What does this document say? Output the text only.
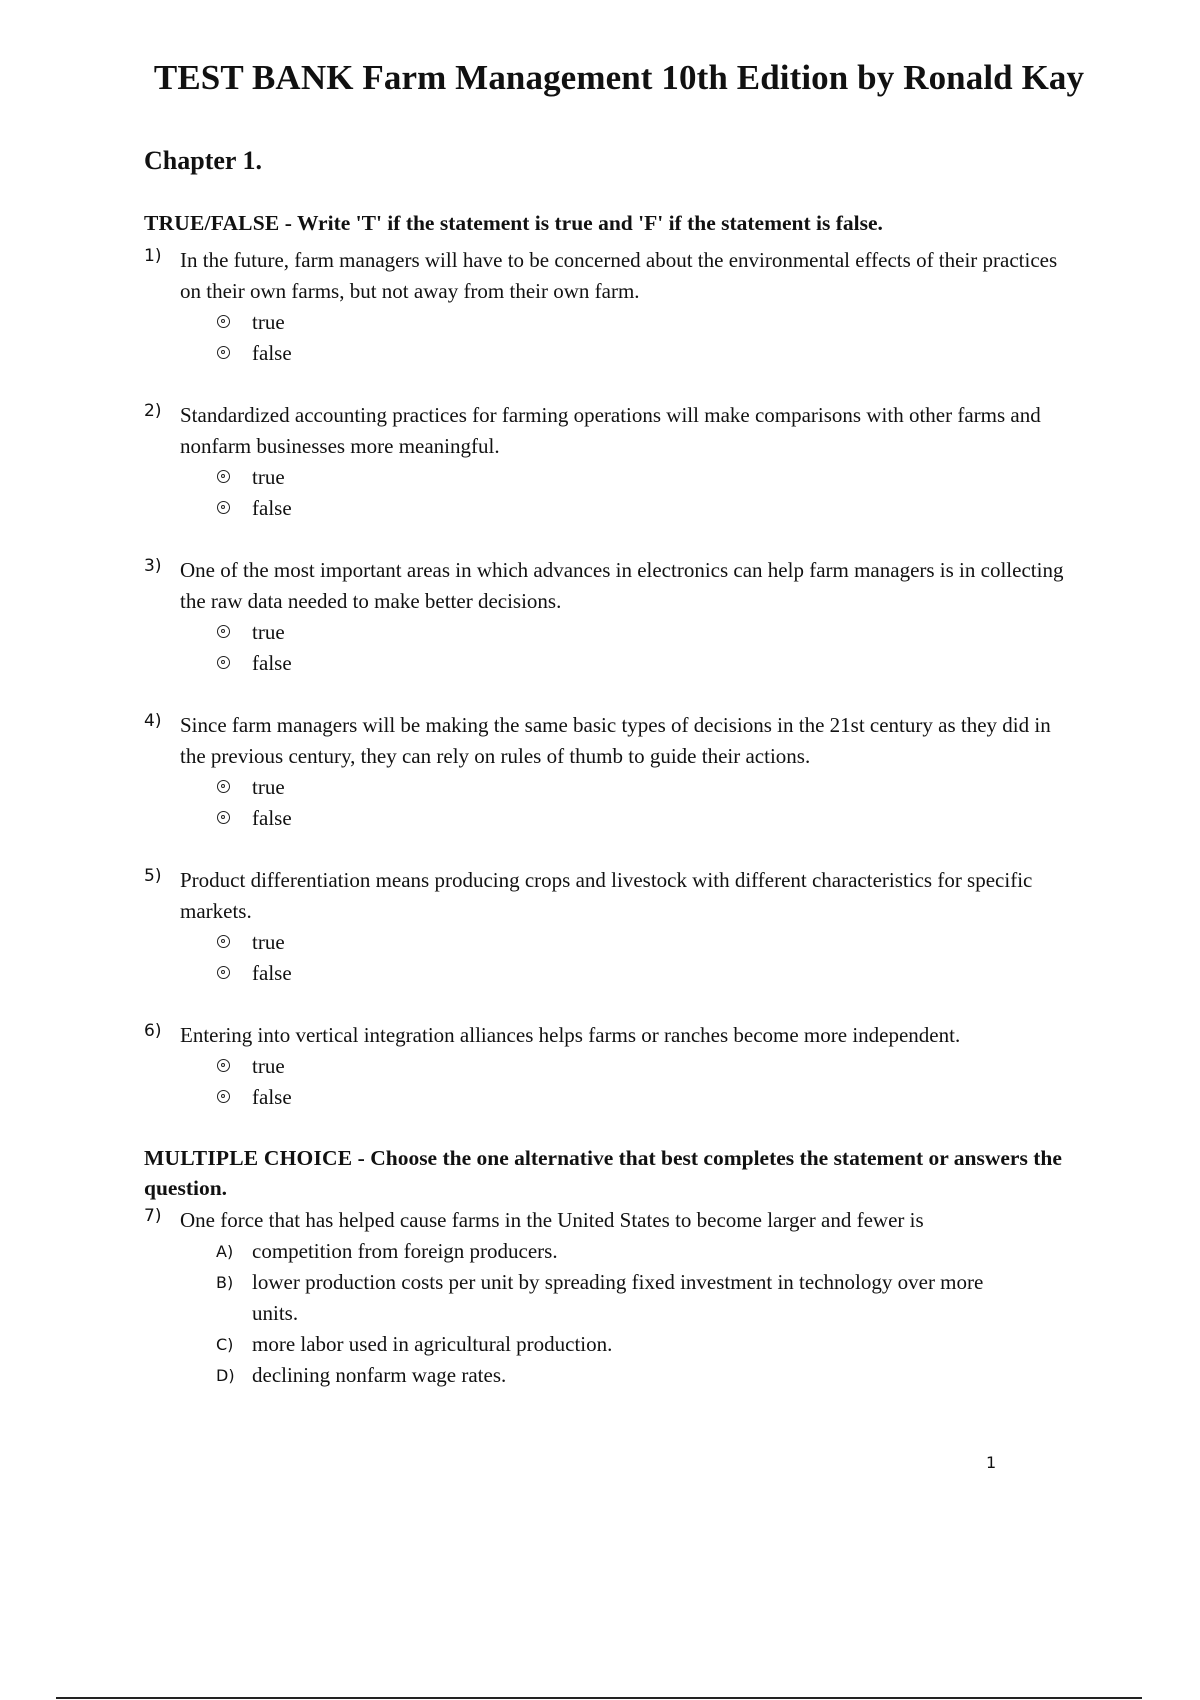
TEST BANK Farm Management 10th Edition by Ronald Kay
Chapter 1.
TRUE/FALSE - Write 'T' if the statement is true and 'F' if the statement is false.
1) In the future, farm managers will have to be concerned about the environmental effects of their practices on their own farms, but not away from their own farm.
true
false
2) Standardized accounting practices for farming operations will make comparisons with other farms and nonfarm businesses more meaningful.
true
false
3) One of the most important areas in which advances in electronics can help farm managers is in collecting the raw data needed to make better decisions.
true
false
4) Since farm managers will be making the same basic types of decisions in the 21st century as they did in the previous century, they can rely on rules of thumb to guide their actions.
true
false
5) Product differentiation means producing crops and livestock with different characteristics for specific markets.
true
false
6) Entering into vertical integration alliances helps farms or ranches become more independent.
true
false
MULTIPLE CHOICE - Choose the one alternative that best completes the statement or answers the question.
7) One force that has helped cause farms in the United States to become larger and fewer is
A) competition from foreign producers.
B) lower production costs per unit by spreading fixed investment in technology over more units.
C) more labor used in agricultural production.
D) declining nonfarm wage rates.
1
